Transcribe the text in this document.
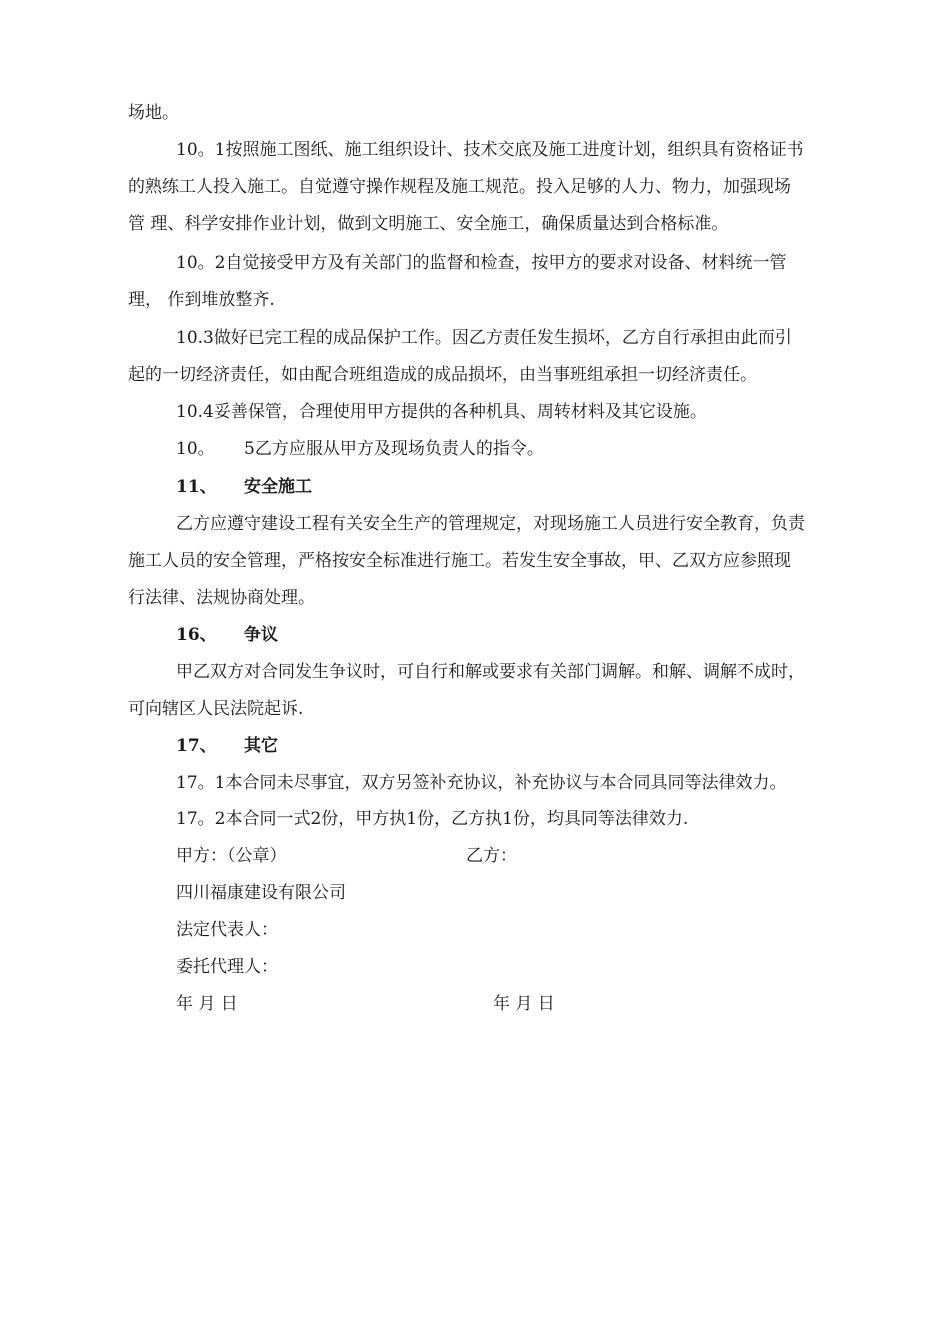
场地。
10。1按照施工图纸、施工组织设计、技术交底及施工进度计划，组织具有资格证书
的熟练工人投入施工。自觉遵守操作规程及施工规范。投入足够的人力、物力，加强现场
管 理、科学安排作业计划，做到文明施工、安全施工，确保质量达到合格标准。
10。2自觉接受甲方及有关部门的监督和检查，按甲方的要求对设备、材料统一管
理， 作到堆放整齐.
10.3做好已完工程的成品保护工作。因乙方责任发生损坏，乙方自行承担由此而引
起的一切经济责任，如由配合班组造成的成品损坏，由当事班组承担一切经济责任。
10.4妥善保管，合理使用甲方提供的各种机具、周转材料及其它设施。
10。 5乙方应服从甲方及现场负责人的指令。
11、 安全施工
乙方应遵守建设工程有关安全生产的管理规定，对现场施工人员进行安全教育，负责
施工人员的安全管理，严格按安全标准进行施工。若发生安全事故，甲、乙双方应参照现
行法律、法规协商处理。
16、 争议
甲乙双方对合同发生争议时，可自行和解或要求有关部门调解。和解、调解不成时，
可向辖区人民法院起诉.
17、 其它
17。1本合同未尽事宜，双方另签补充协议，补充协议与本合同具同等法律效力。
17。2本合同一式2份，甲方执1份，乙方执1份，均具同等法律效力.
甲方：（公章）	乙方：
四川福康建设有限公司
法定代表人：
委托代理人：
年 月 日	年 月 日
